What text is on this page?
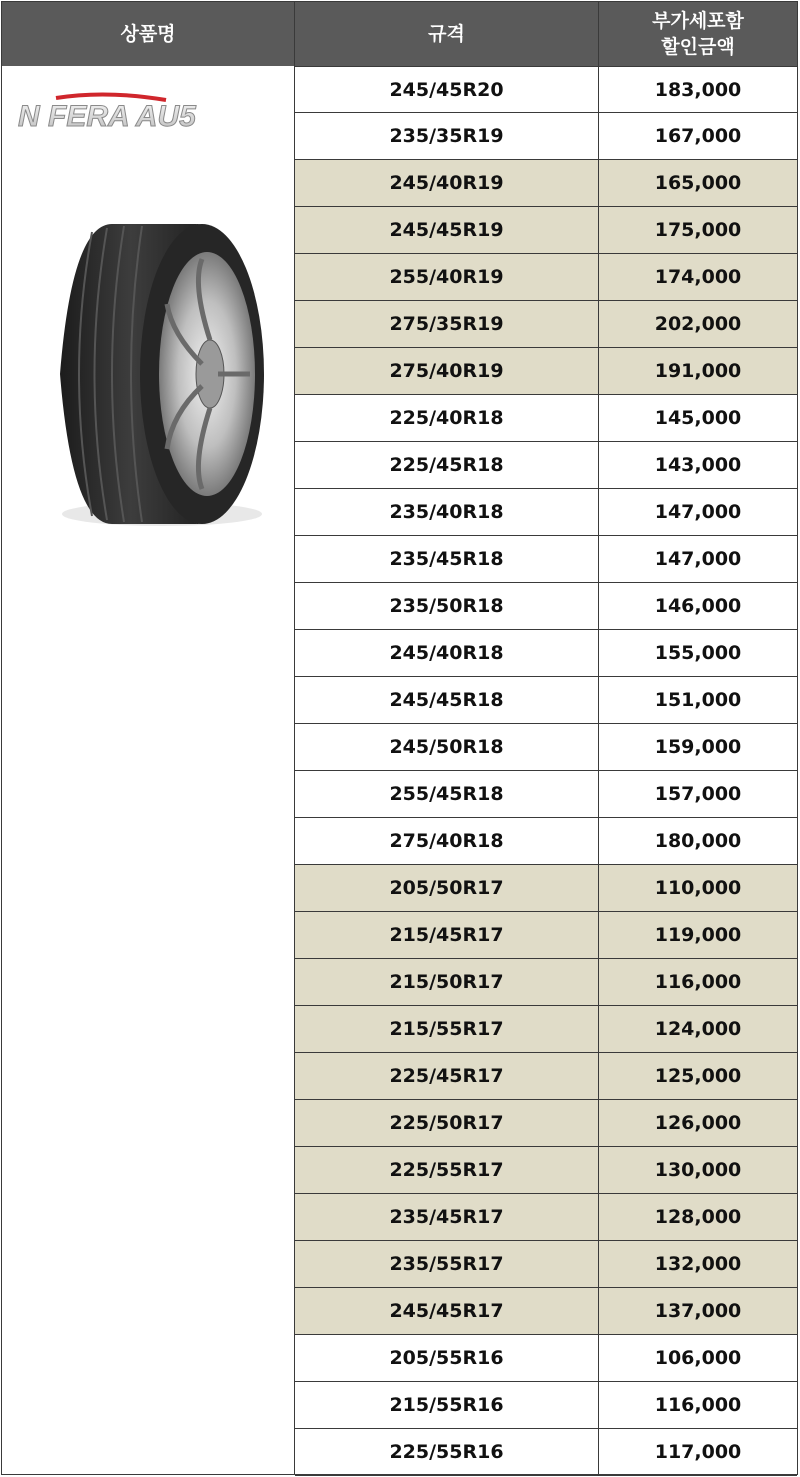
상품명	규격
부가세포함
할인금액
N FERA AU5
245/45R20	183,000
235/35R19	167,000
245/40R19	165,000
245/45R19	175,000
255/40R19	174,000
275/35R19	202,000
275/40R19	191,000
225/40R18	145,000
225/45R18	143,000
235/40R18	147,000
235/45R18	147,000
235/50R18	146,000
245/40R18	155,000
245/45R18	151,000
245/50R18	159,000
255/45R18	157,000
275/40R18	180,000
205/50R17	110,000
215/45R17	119,000
215/50R17	116,000
215/55R17	124,000
225/45R17	125,000
225/50R17	126,000
225/55R17	130,000
235/45R17	128,000
235/55R17	132,000
245/45R17	137,000
205/55R16	106,000
215/55R16	116,000
225/55R16	117,000
